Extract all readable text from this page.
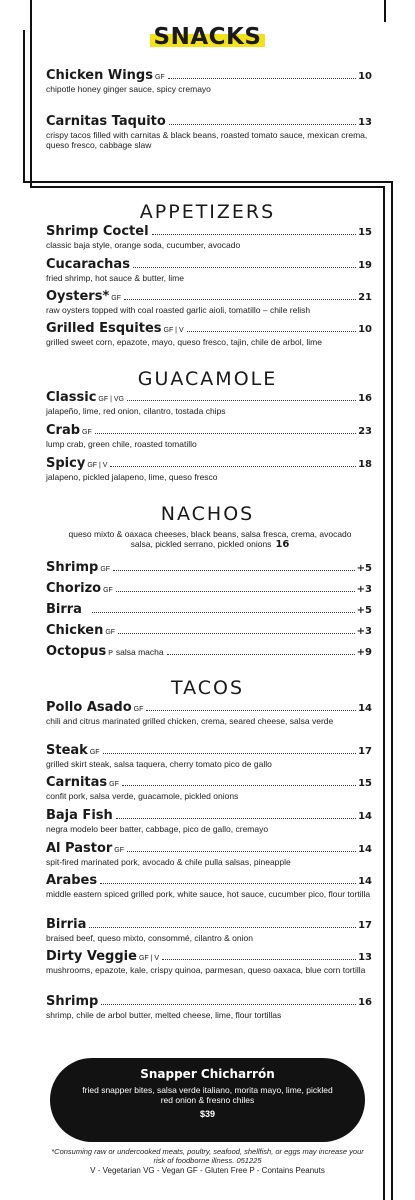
SNACKS
Chicken Wings GF	10
chipotle honey ginger sauce, spicy cremayo
Carnitas Taquito	13
crispy tacos filled with carnitas & black beans, roasted tomato sauce, mexican crema, queso fresco, cabbage slaw
APPETIZERS
Shrimp Coctel	15
classic baja style, orange soda, cucumber, avocado
Cucarachas	19
fried shrimp, hot sauce & butter, lime
Oysters* GF	21
raw oysters topped with coal roasted garlic aioli, tomatillo – chile relish
Grilled Esquites GF | V	10
grilled sweet corn, epazote, mayo, queso fresco, tajin, chile de arbol, lime
GUACAMOLE
Classic GF | VG	16
jalapeño, lime, red onion, cilantro, tostada chips
Crab GF	23
lump crab, green chile, roasted tomatillo
Spicy GF | V	18
jalapeno, pickled jalapeno, lime, queso fresco
NACHOS
queso mixto & oaxaca cheeses, black beans, salsa fresca, crema, avocado salsa, pickled serrano, pickled onions 16
Shrimp GF	+5
Chorizo GF	+3
Birra	+5
Chicken GF	+3
Octopus P salsa macha	+9
TACOS
Pollo Asado GF	14
chili and citrus marinated grilled chicken, crema, seared cheese, salsa verde
Steak GF	17
grilled skirt steak, salsa taquera, cherry tomato pico de gallo
Carnitas GF	15
confit pork, salsa verde, guacamole, pickled onions
Baja Fish	14
negra modelo beer batter, cabbage, pico de gallo, cremayo
Al Pastor GF	14
spit-fired marinated pork, avocado & chile pulla salsas, pineapple
Arabes	14
middle eastern spiced grilled pork, white sauce, hot sauce, cucumber pico, flour tortilla
Birria	17
braised beef, queso mixto, consommé, cilantro & onion
Dirty Veggie GF | V	13
mushrooms, epazote, kale, crispy quinoa, parmesan, queso oaxaca, blue corn tortilla
Shrimp	16
shrimp, chile de arbol butter, melted cheese, lime, flour tortillas
Snapper Chicharrón
fried snapper bites, salsa verde italiano, morita mayo, lime, pickled red onion & fresno chiles
$39
*Consuming raw or undercooked meats, poultry, seafood, shellfish, or eggs may increase your risk of foodborne illness. 051225
V - Vegetarian VG - Vegan GF - Gluten Free P - Contains Peanuts
